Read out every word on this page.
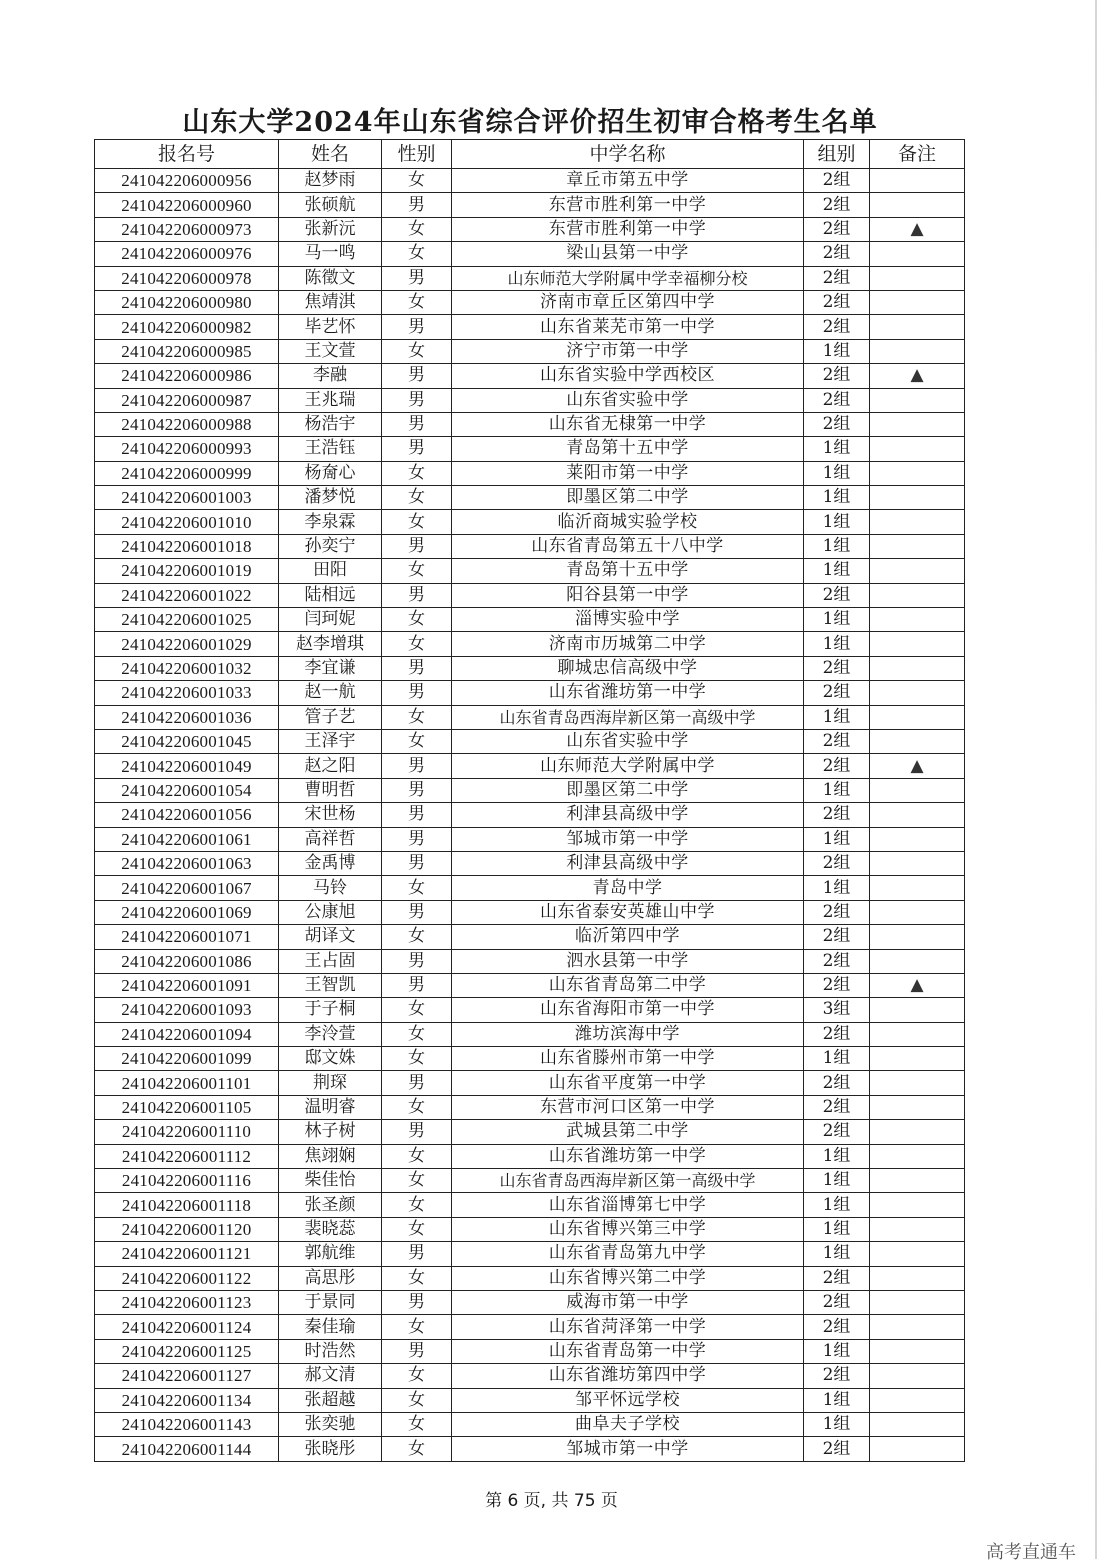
山东大学2024年山东省综合评价招生初审合格考生名单
报名号	姓名	性别	中学名称	组别	备注
241042206000956	赵梦雨	女	章丘市第五中学	2组	
241042206000960	张硕航	男	东营市胜利第一中学	2组	
241042206000973	张新沅	女	东营市胜利第一中学	2组	▲
241042206000976	马一鸣	女	梁山县第一中学	2组	
241042206000978	陈徵文	男	山东师范大学附属中学幸福柳分校	2组	
241042206000980	焦靖淇	女	济南市章丘区第四中学	2组	
241042206000982	毕艺怀	男	山东省莱芜市第一中学	2组	
241042206000985	王文萱	女	济宁市第一中学	1组	
241042206000986	李融	男	山东省实验中学西校区	2组	▲
241042206000987	王兆瑞	男	山东省实验中学	2组	
241042206000988	杨浩宇	男	山东省无棣第一中学	2组	
241042206000993	王浩钰	男	青岛第十五中学	1组	
241042206000999	杨奝心	女	莱阳市第一中学	1组	
241042206001003	潘梦悦	女	即墨区第二中学	1组	
241042206001010	李泉霖	女	临沂商城实验学校	1组	
241042206001018	孙奕宁	男	山东省青岛第五十八中学	1组	
241042206001019	田阳	女	青岛第十五中学	1组	
241042206001022	陆相远	男	阳谷县第一中学	2组	
241042206001025	闫珂妮	女	淄博实验中学	1组	
241042206001029	赵李增琪	女	济南市历城第二中学	1组	
241042206001032	李宜谦	男	聊城忠信高级中学	2组	
241042206001033	赵一航	男	山东省潍坊第一中学	2组	
241042206001036	管子艺	女	山东省青岛西海岸新区第一高级中学	1组	
241042206001045	王泽宇	女	山东省实验中学	2组	
241042206001049	赵之阳	男	山东师范大学附属中学	2组	▲
241042206001054	曹明哲	男	即墨区第二中学	1组	
241042206001056	宋世杨	男	利津县高级中学	2组	
241042206001061	高祥哲	男	邹城市第一中学	1组	
241042206001063	金禹博	男	利津县高级中学	2组	
241042206001067	马铃	女	青岛中学	1组	
241042206001069	公康旭	男	山东省泰安英雄山中学	2组	
241042206001071	胡译文	女	临沂第四中学	2组	
241042206001086	王占固	男	泗水县第一中学	2组	
241042206001091	王智凯	男	山东省青岛第二中学	2组	▲
241042206001093	于子桐	女	山东省海阳市第一中学	3组	
241042206001094	李泠萱	女	潍坊滨海中学	2组	
241042206001099	邸文姝	女	山东省滕州市第一中学	1组	
241042206001101	荆琛	男	山东省平度第一中学	2组	
241042206001105	温明睿	女	东营市河口区第一中学	2组	
241042206001110	林子树	男	武城县第二中学	2组	
241042206001112	焦翊娴	女	山东省潍坊第一中学	1组	
241042206001116	柴佳怡	女	山东省青岛西海岸新区第一高级中学	1组	
241042206001118	张圣颜	女	山东省淄博第七中学	1组	
241042206001120	裴晓蕊	女	山东省博兴第三中学	1组	
241042206001121	郭航维	男	山东省青岛第九中学	1组	
241042206001122	高思彤	女	山东省博兴第二中学	2组	
241042206001123	于景同	男	威海市第一中学	2组	
241042206001124	秦佳瑜	女	山东省菏泽第一中学	2组	
241042206001125	时浩然	男	山东省青岛第一中学	1组	
241042206001127	郝文清	女	山东省潍坊第四中学	2组	
241042206001134	张超越	女	邹平怀远学校	1组	
241042206001143	张奕驰	女	曲阜夫子学校	1组	
241042206001144	张晓彤	女	邹城市第一中学	2组	
第 6 页, 共 75 页
高考直通车
